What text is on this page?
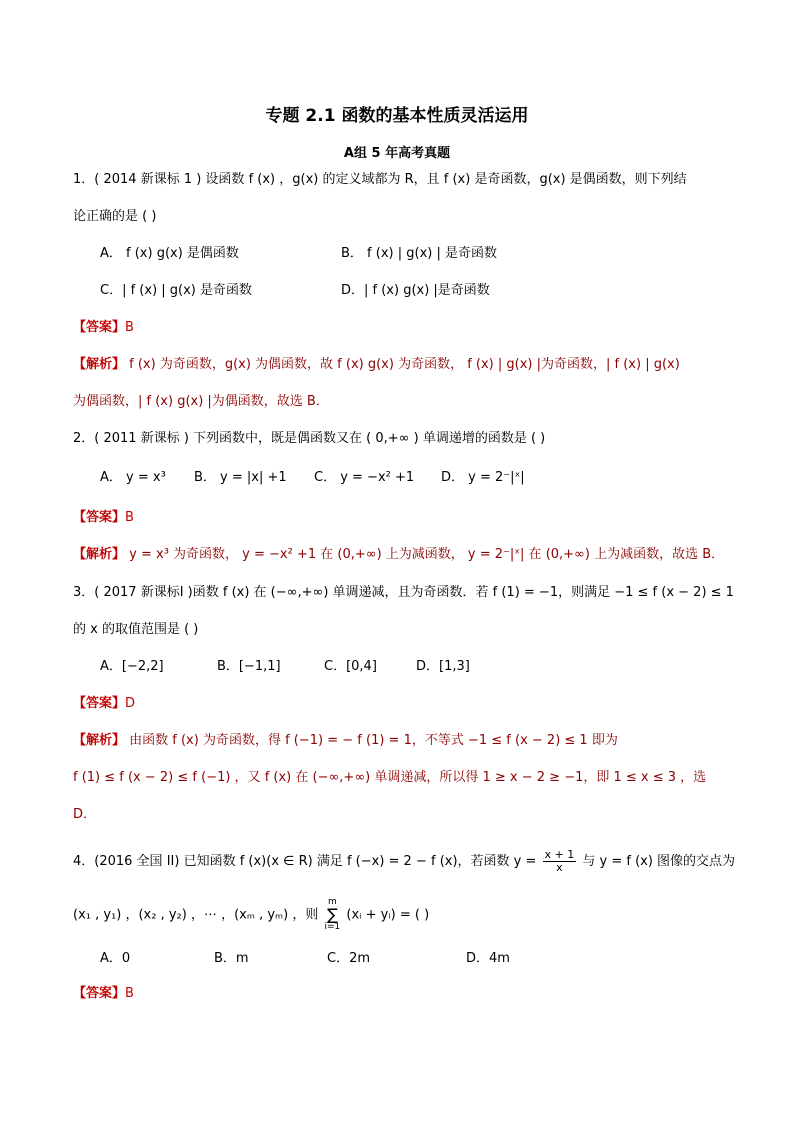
专题 2.1 函数的基本性质灵活运用
A组 5 年高考真题
1．( 2014 新课标 1 ) 设函数 f (x) ，g(x) 的定义域都为 R，且 f (x) 是奇函数，g(x) 是偶函数，则下列结
论正确的是 ( )
A． f (x) g(x) 是偶函数	B． f (x) | g(x) | 是奇函数
C．| f (x) | g(x) 是奇函数	D．| f (x) g(x) |是奇函数
【答案】B
【解析】 f (x) 为奇函数，g(x) 为偶函数，故 f (x) g(x) 为奇函数， f (x) | g(x) |为奇函数，| f (x) | g(x)
为偶函数，| f (x) g(x) |为偶函数，故选 B．
2．( 2011 新课标 ) 下列函数中，既是偶函数又在 ( 0,+∞ ) 单调递增的函数是 ( )
A． y = x³ B． y = |x| +1 C． y = −x² +1 D． y = 2⁻|ˣ|
【答案】B
【解析】 y = x³ 为奇函数， y = −x² +1 在 (0,+∞) 上为减函数， y = 2⁻|ˣ| 在 (0,+∞) 上为减函数，故选 B．
3．( 2017 新课标Ⅰ )函数 f (x) 在 (−∞,+∞) 单调递减，且为奇函数．若 f (1) = −1，则满足 −1 ≤ f (x − 2) ≤ 1
的 x 的取值范围是 ( )
A．[−2,2]	B．[−1,1]	C．[0,4]	D．[1,3]
【答案】D
【解析】 由函数 f (x) 为奇函数，得 f (−1) = − f (1) = 1，不等式 −1 ≤ f (x − 2) ≤ 1 即为
f (1) ≤ f (x − 2) ≤ f (−1) ，又 f (x) 在 (−∞,+∞) 单调递减，所以得 1 ≥ x − 2 ≥ −1，即 1 ≤ x ≤ 3 ，选
D．
4．(2016 全国 II) 已知函数 f (x)(x ∈ R) 满足 f (−x) = 2 − f (x)，若函数 $y = \frac{x + 1}{x}$ 与 y = f (x) 图像的交点为
(x₁ , y₁) ，(x₂ , y₂) ，⋯ ，(xₘ , yₘ) ，则
m
∑
i=1
(xᵢ + yᵢ) = ( )
A．0	B．m	C．2m	D．4m
【答案】B
